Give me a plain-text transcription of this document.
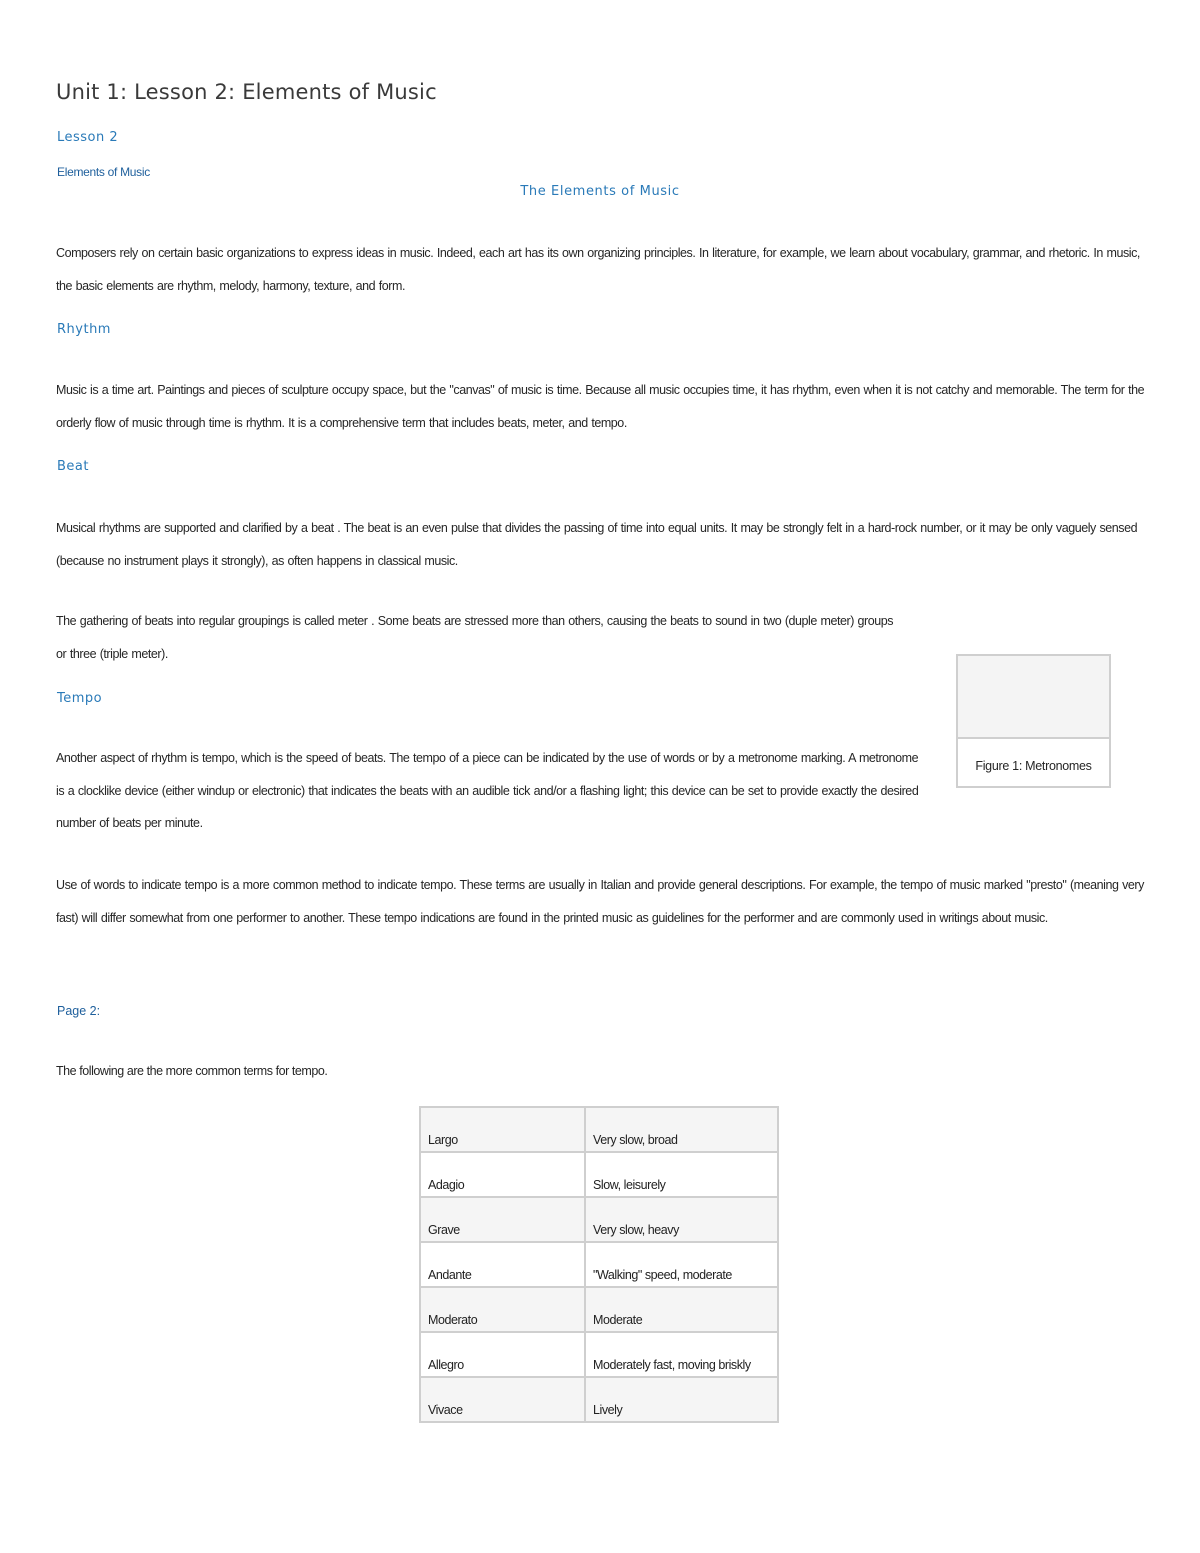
Unit 1: Lesson 2: Elements of Music
Lesson 2
Elements of Music
The Elements of Music
Composers rely on certain basic organizations to express ideas in music. Indeed, each art has its own organizing principles. In literature, for example, we learn about vocabulary, grammar, and rhetoric. In music, the basic elements are rhythm, melody, harmony, texture, and form.
Rhythm
Music is a time art. Paintings and pieces of sculpture occupy space, but the "canvas" of music is time. Because all music occupies time, it has rhythm, even when it is not catchy and memorable. The term for the orderly flow of music through time is rhythm. It is a comprehensive term that includes beats, meter, and tempo.
Beat
Musical rhythms are supported and clarified by a beat . The beat is an even pulse that divides the passing of time into equal units. It may be strongly felt in a hard-rock number, or it may be only vaguely sensed (because no instrument plays it strongly), as often happens in classical music.
The gathering of beats into regular groupings is called meter . Some beats are stressed more than others, causing the beats to sound in two (duple meter) groups or three (triple meter).
Tempo
Another aspect of rhythm is tempo, which is the speed of beats. The tempo of a piece can be indicated by the use of words or by a metronome marking. A metronome is a clocklike device (either windup or electronic) that indicates the beats with an audible tick and/or a flashing light; this device can be set to provide exactly the desired number of beats per minute.
Figure 1: Metronomes
Use of words to indicate tempo is a more common method to indicate tempo. These terms are usually in Italian and provide general descriptions. For example, the tempo of music marked "presto" (meaning very fast) will differ somewhat from one performer to another. These tempo indications are found in the printed music as guidelines for the performer and are commonly used in writings about music.
Page 2:
The following are the more common terms for tempo.
Largo	Very slow, broad
Adagio	Slow, leisurely
Grave	Very slow, heavy
Andante	"Walking" speed, moderate
Moderato	Moderate
Allegro	Moderately fast, moving briskly
Vivace	Lively
